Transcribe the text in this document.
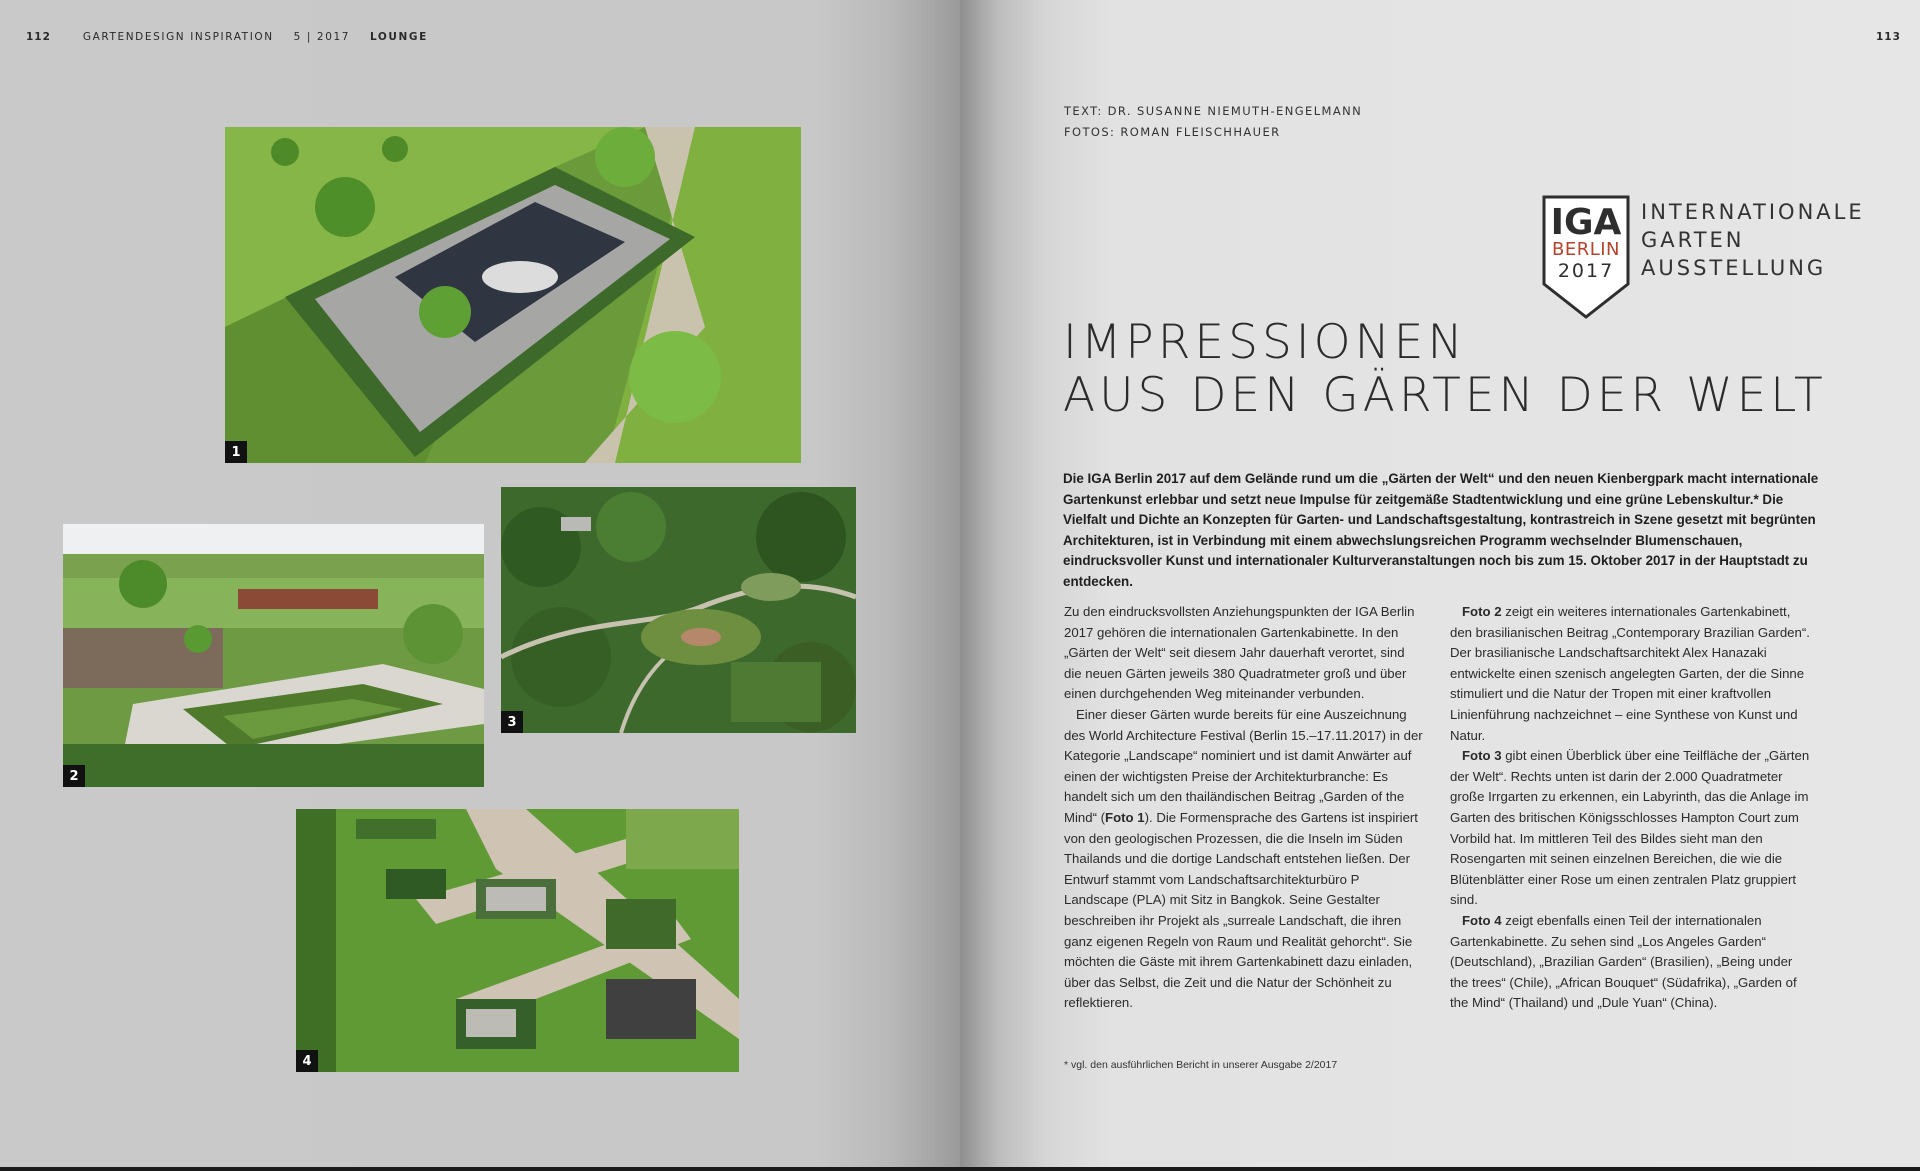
112	GARTENDESIGN INSPIRATION 5 | 2017 LOUNGE
1
2
3
4
113
TEXT: DR. SUSANNE NIEMUTH-ENGELMANN
FOTOS: ROMAN FLEISCHHAUER
IGA
BERLIN
2017
INTERNATIONALE
GARTEN
AUSSTELLUNG
IMPRESSIONEN
AUS DEN GÄRTEN DER WELT
Die IGA Berlin 2017 auf dem Gelände rund um die „Gärten der Welt“ und den neuen Kienbergpark macht internationale Gartenkunst erlebbar und setzt neue Impulse für zeitgemäße Stadtentwicklung und eine grüne Lebenskultur.* Die Vielfalt und Dichte an Konzepten für Garten- und Landschaftsgestaltung, kontrastreich in Szene gesetzt mit begrünten Architekturen, ist in Verbindung mit einem abwechslungsreichen Programm wechselnder Blumenschauen, eindrucksvoller Kunst und internationaler Kulturveranstaltungen noch bis zum 15. Oktober 2017 in der Hauptstadt zu entdecken.

Zu den eindrucksvollsten Anziehungspunkten der IGA Berlin 2017 gehören die internationalen Gartenkabinette. In den „Gärten der Welt“ seit diesem Jahr dauerhaft verortet, sind die neuen Gärten jeweils 380 Quadratmeter groß und über einen durchgehenden Weg miteinander verbunden.

Einer dieser Gärten wurde bereits für eine Auszeichnung des World Architecture Festival (Berlin 15.–17.11.2017) in der Kategorie „Landscape“ nominiert und ist damit Anwärter auf einen der wichtigsten Preise der Architekturbranche: Es handelt sich um den thailändischen Beitrag „Garden of the Mind“ (Foto 1). Die Formensprache des Gartens ist inspiriert von den geologischen Prozessen, die die Inseln im Süden Thailands und die dortige Landschaft entstehen ließen. Der Entwurf stammt vom Landschaftsarchitekturbüro P Landscape (PLA) mit Sitz in Bangkok. Seine Gestalter beschreiben ihr Projekt als „surreale Landschaft, die ihren ganz eigenen Regeln von Raum und Realität gehorcht“. Sie möchten die Gäste mit ihrem Gartenkabinett dazu einladen, über das Selbst, die Zeit und die Natur der Schönheit zu reflektieren.

Foto 2 zeigt ein weiteres internationales Gartenkabinett, den brasilianischen Beitrag „Contemporary Brazilian Garden“. Der brasilianische Landschaftsarchitekt Alex Hanazaki entwickelte einen szenisch angelegten Garten, der die Sinne stimuliert und die Natur der Tropen mit einer kraftvollen Linienführung nachzeichnet – eine Synthese von Kunst und Natur.

Foto 3 gibt einen Überblick über eine Teilfläche der „Gärten der Welt“. Rechts unten ist darin der 2.000 Quadratmeter große Irrgarten zu erkennen, ein Labyrinth, das die Anlage im Garten des britischen Königsschlosses Hampton Court zum Vorbild hat. Im mittleren Teil des Bildes sieht man den Rosengarten mit seinen einzelnen Bereichen, die wie die Blütenblätter einer Rose um einen zentralen Platz gruppiert sind.

Foto 4 zeigt ebenfalls einen Teil der internationalen Gartenkabinette. Zu sehen sind „Los Angeles Garden“ (Deutschland), „Brazilian Garden“ (Brasilien), „Being under the trees“ (Chile), „African Bouquet“ (Südafrika), „Garden of the Mind“ (Thailand) und „Dule Yuan“ (China).

* vgl. den ausführlichen Bericht in unserer Ausgabe 2/2017
